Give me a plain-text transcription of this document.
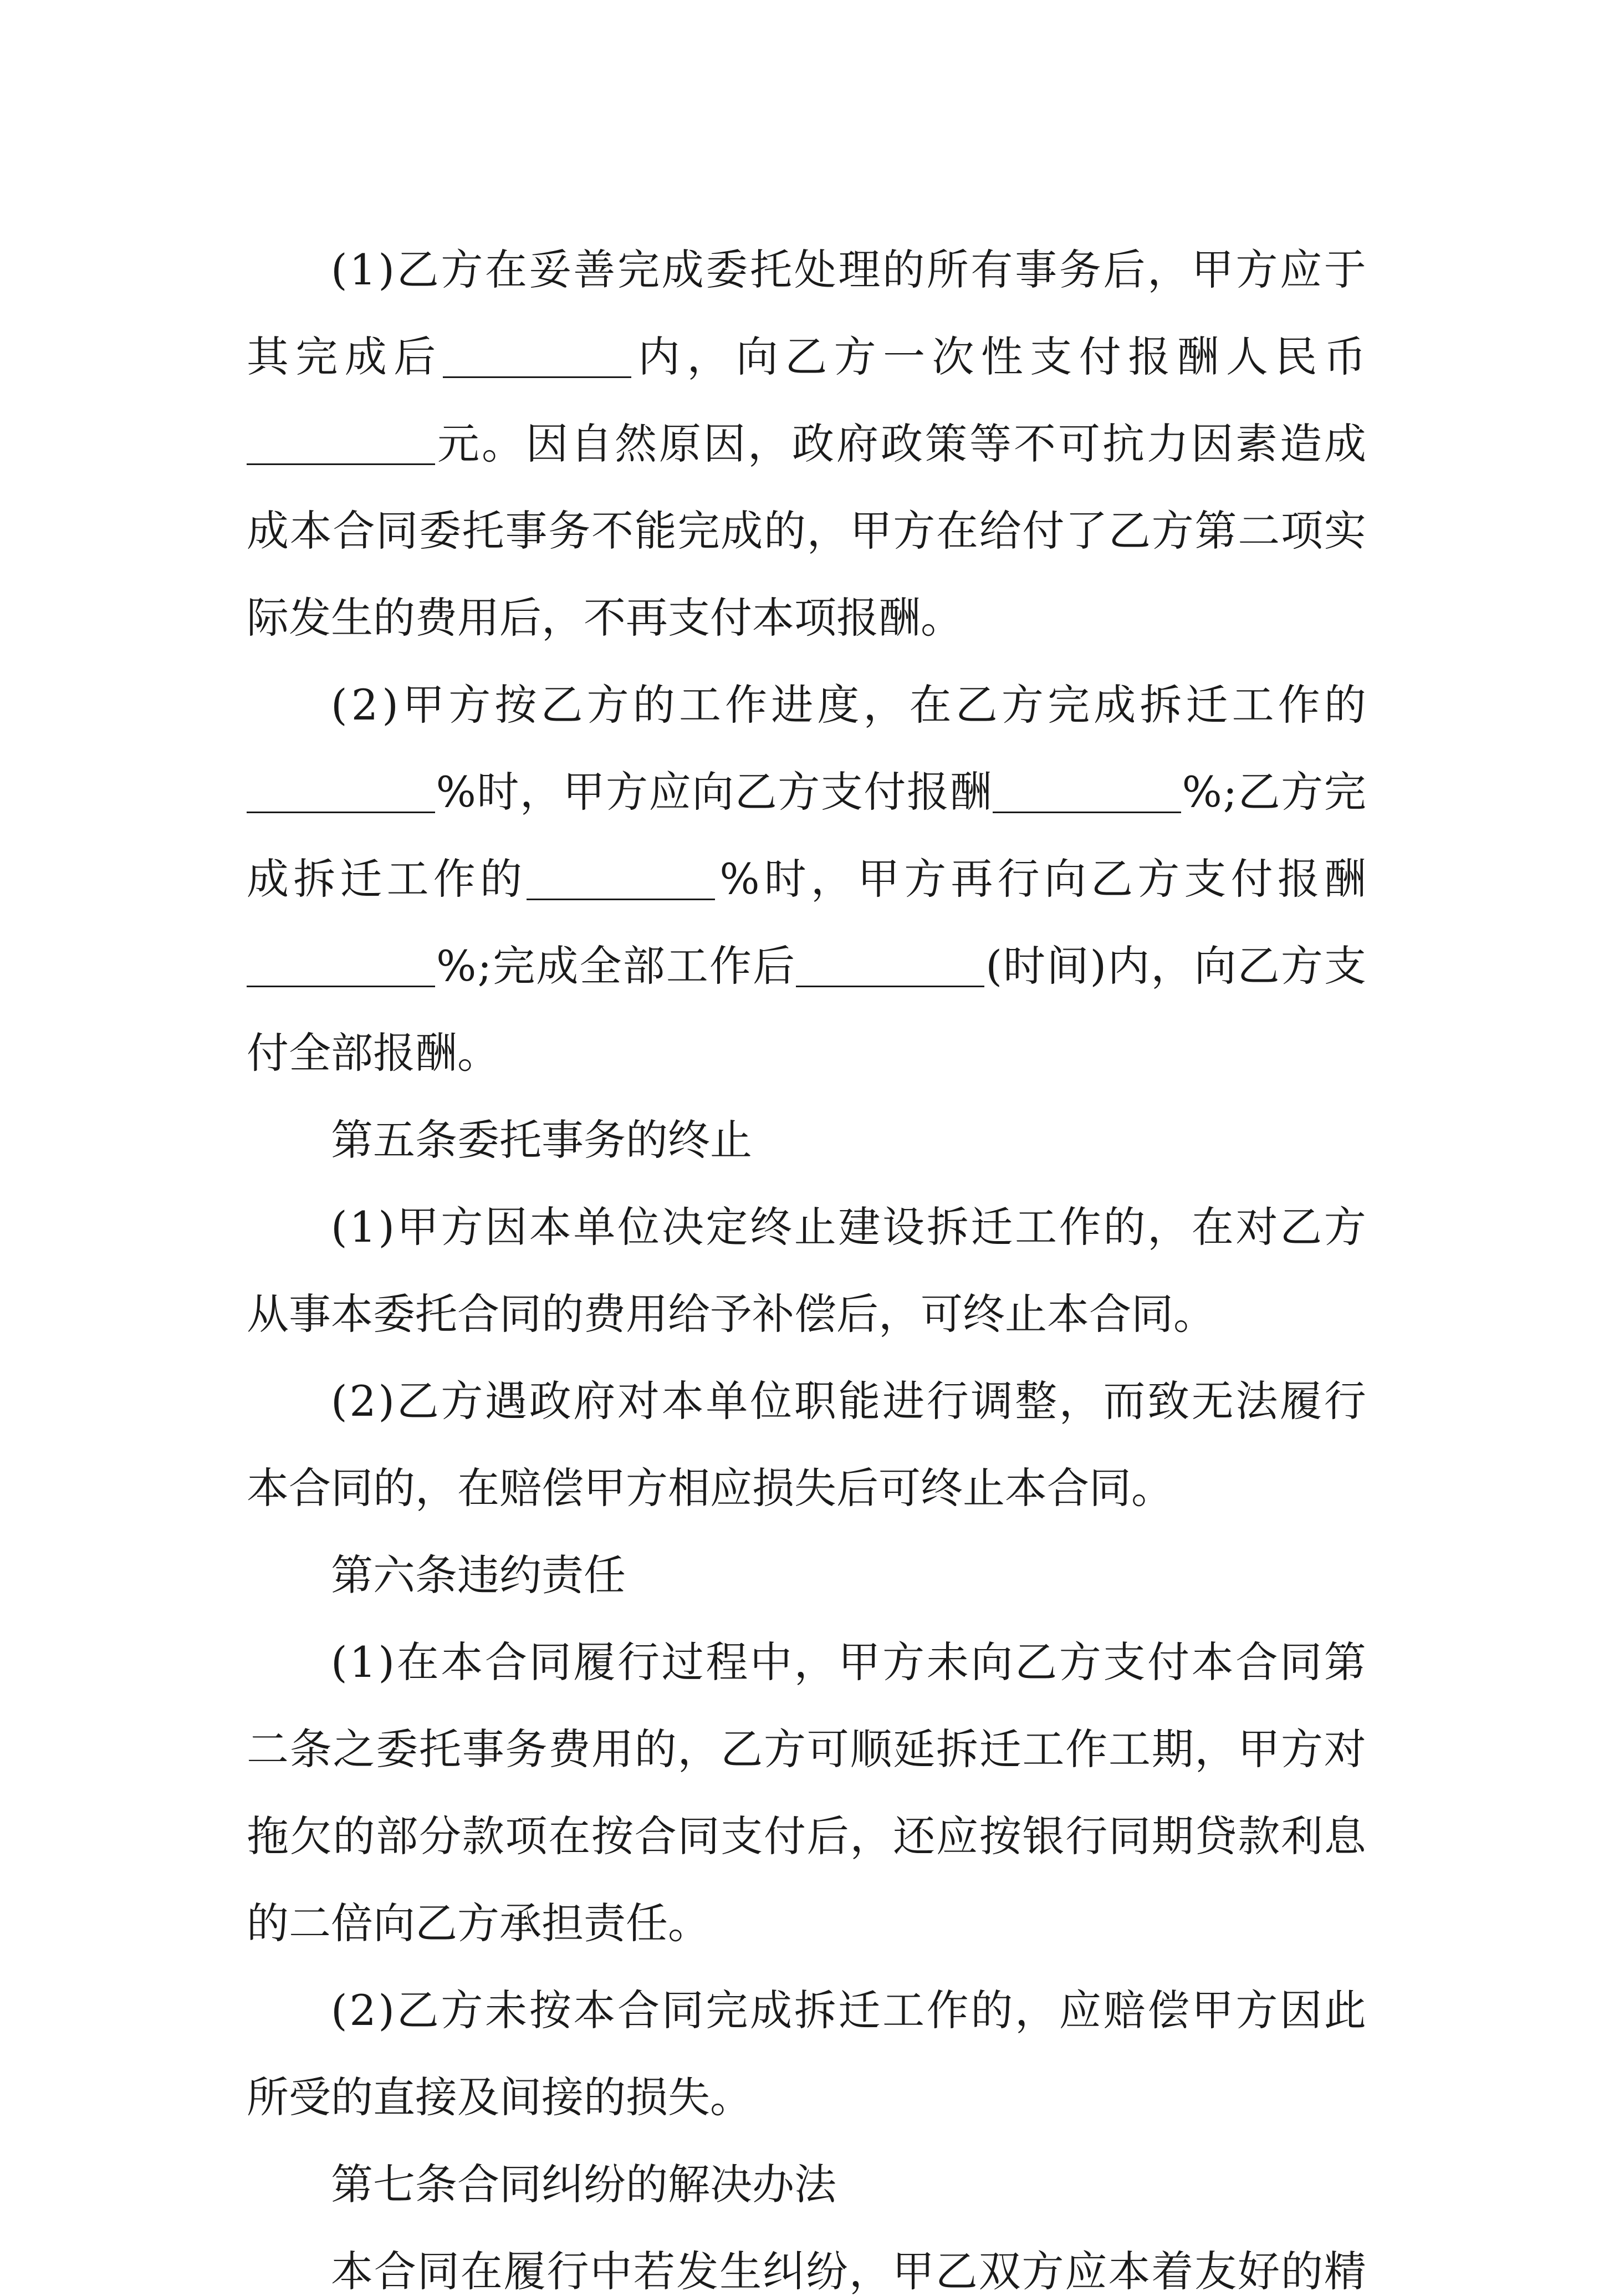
( 1 ) 乙 方 在 妥 善 完 成 委 托 处 理 的 所 有 事 务 后 ， 甲 方 应 于
其 完 成 后	内 ， 向 乙 方 一 次 性 支 付 报 酬 人 民 币
元 。 因 自 然 原 因 ， 政 府 政 策 等 不 可 抗 力 因 素 造 成
成 本 合 同 委 托 事 务 不 能 完 成 的 ， 甲 方 在 给 付 了 乙 方 第 二 项 实
际 发 生 的 费 用 后 ， 不 再 支 付 本 项 报 酬 。
( 2 ) 甲 方 按 乙 方 的 工 作 进 度 ， 在 乙 方 完 成 拆 迁 工 作 的
% 时 ， 甲 方 应 向 乙 方 支 付 报 酬	% ; 乙 方 完
成 拆 迁 工 作 的	% 时 ， 甲 方 再 行 向 乙 方 支 付 报 酬
% ; 完 成 全 部 工 作 后	( 时 间 ) 内 ， 向 乙 方 支
付 全 部 报 酬 。
第 五 条 委 托 事 务 的 终 止
( 1 ) 甲 方 因 本 单 位 决 定 终 止 建 设 拆 迁 工 作 的 ， 在 对 乙 方
从 事 本 委 托 合 同 的 费 用 给 予 补 偿 后 ， 可 终 止 本 合 同 。
( 2 ) 乙 方 遇 政 府 对 本 单 位 职 能 进 行 调 整 ， 而 致 无 法 履 行
本 合 同 的 ， 在 赔 偿 甲 方 相 应 损 失 后 可 终 止 本 合 同 。
第 六 条 违 约 责 任
( 1 ) 在 本 合 同 履 行 过 程 中 ， 甲 方 未 向 乙 方 支 付 本 合 同 第
二 条 之 委 托 事 务 费 用 的 ， 乙 方 可 顺 延 拆 迁 工 作 工 期 ， 甲 方 对
拖 欠 的 部 分 款 项 在 按 合 同 支 付 后 ， 还 应 按 银 行 同 期 贷 款 利 息
的 二 倍 向 乙 方 承 担 责 任 。
( 2 ) 乙 方 未 按 本 合 同 完 成 拆 迁 工 作 的 ， 应 赔 偿 甲 方 因 此
所 受 的 直 接 及 间 接 的 损 失 。
第 七 条 合 同 纠 纷 的 解 决 办 法
本 合 同 在 履 行 中 若 发 生 纠 纷 ， 甲 乙 双 方 应 本 着 友 好 的 精
